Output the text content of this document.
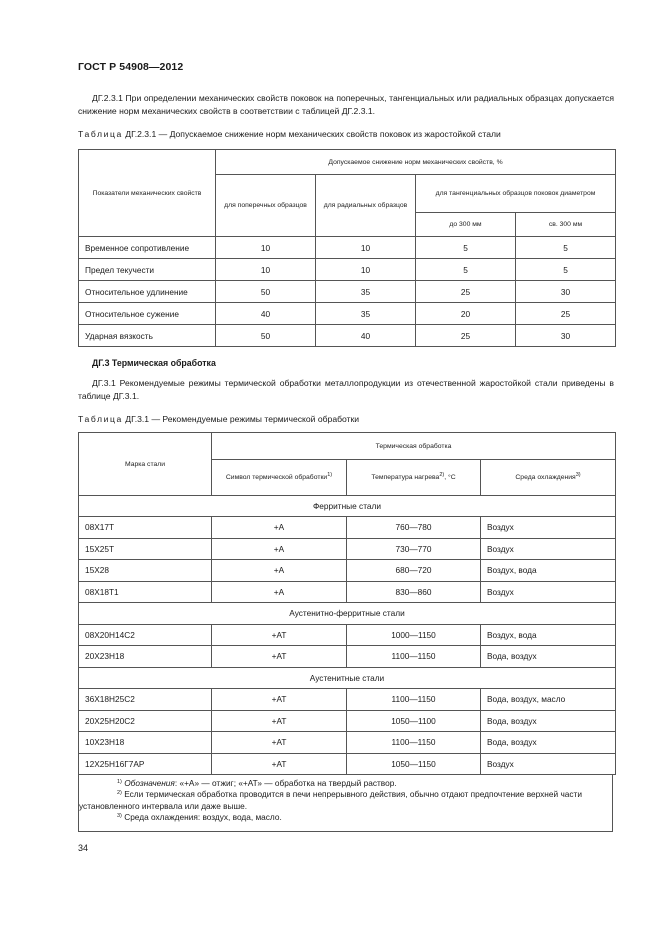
ГОСТ Р 54908—2012
ДГ.2.3.1 При определении механических свойств поковок на поперечных, тангенциальных или радиальных образцах допускается снижение норм механических свойств в соответствии с таблицей ДГ.2.3.1.
Таблица ДГ.2.3.1 — Допускаемое снижение норм механических свойств поковок из жаростойкой стали
Показатели механических свойств	Допускаемое снижение норм механических свойств, %			
	для поперечных образцов	для радиальных образцов	для тангенциальных образцов поковок диаметром	
			до 300 мм	св. 300 мм
Временное сопротивление	10	10	5	5
Предел текучести	10	10	5	5
Относительное удлинение	50	35	25	30
Относительное сужение	40	35	20	25
Ударная вязкость	50	40	25	30
ДГ.3 Термическая обработка
ДГ.3.1 Рекомендуемые режимы термической обработки металлопродукции из отечественной жаростойкой стали приведены в таблице ДГ.3.1.
Таблица ДГ.3.1 — Рекомендуемые режимы термической обработки
Марка стали	Термическая обработка		
	Символ термической обработки$^{1)}$	Температура нагрева$^{2)}$, °С	Среда охлаждения$^{3)}$
Ферритные стали			
08Х17Т	+А	760—780	Воздух
15Х25Т	+А	730—770	Воздух
15Х28	+А	680—720	Воздух, вода
08Х18Т1	+А	830—860	Воздух
Аустенитно-ферритные стали			
08Х20Н14С2	+АТ	1000—1150	Воздух, вода
20Х23Н18	+АТ	1100—1150	Вода, воздух
Аустенитные стали			
36Х18Н25С2	+АТ	1100—1150	Вода, воздух, масло
20Х25Н20С2	+АТ	1050—1100	Вода, воздух
10Х23Н18	+АТ	1100—1150	Вода, воздух
12Х25Н16Г7АР	+АТ	1050—1150	Воздух
$^{1)}$ Обозначения: «+А» — отжиг; «+АТ» — обработка на твердый раствор.
$^{2)}$ Если термическая обработка проводится в печи непрерывного действия, обычно отдают предпочтение верхней части установленного интервала или даже выше.
$^{3)}$ Среда охлаждения: воздух, вода, масло.
34
